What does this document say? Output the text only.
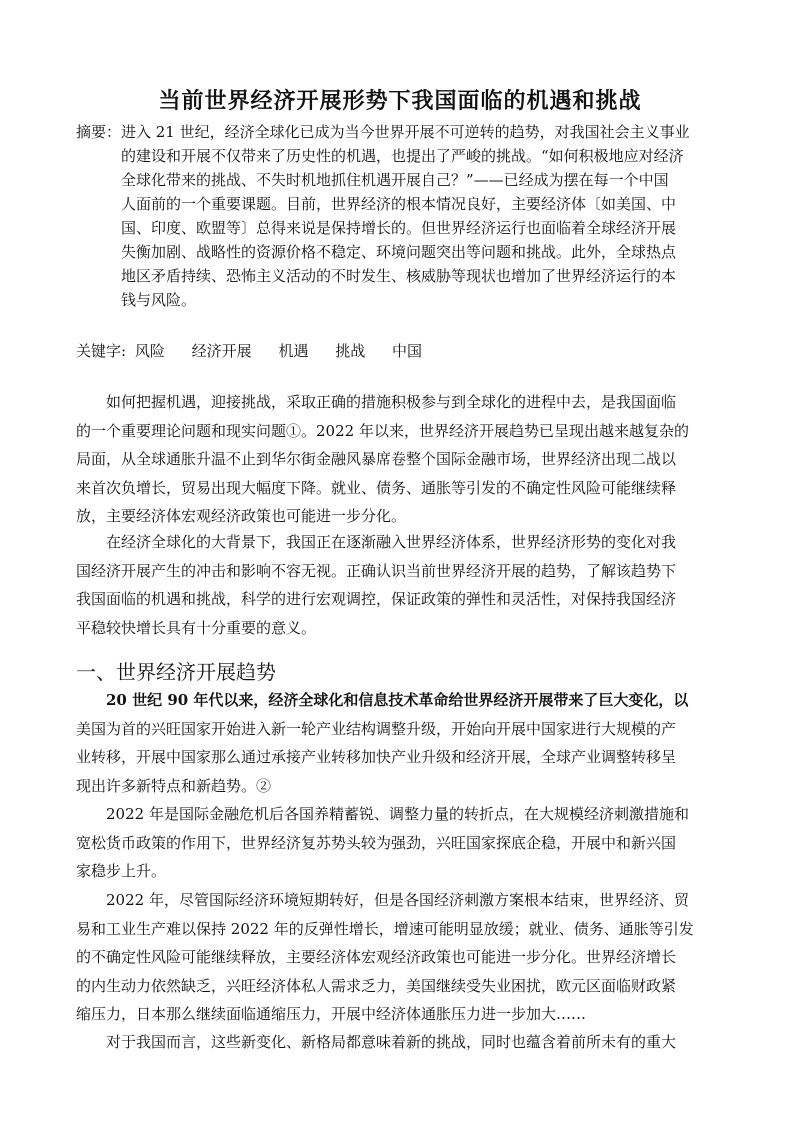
当前世界经济开展形势下我国面临的机遇和挑战
摘要：进入 21 世纪，经济全球化已成为当今世界开展不可逆转的趋势，对我国社会主义事业
的建设和开展不仅带来了历史性的机遇，也提出了严峻的挑战。“如何积极地应对经济
全球化带来的挑战、不失时机地抓住机遇开展自己？”——已经成为摆在每一个中国
人面前的一个重要课题。目前，世界经济的根本情况良好，主要经济体〔如美国、中
国、印度、欧盟等〕总得来说是保持增长的。但世界经济运行也面临着全球经济开展
失衡加剧、战略性的资源价格不稳定、环境问题突出等问题和挑战。此外，全球热点
地区矛盾持续、恐怖主义活动的不时发生、核威胁等现状也增加了世界经济运行的本
钱与风险。
关键字: 风险 经济开展 机遇 挑战 中国
如何把握机遇，迎接挑战，采取正确的措施积极参与到全球化的进程中去，是我国面临
的一个重要理论问题和现实问题①。2022 年以来，世界经济开展趋势已呈现出越来越复杂的
局面，从全球通胀升温不止到华尔街金融风暴席卷整个国际金融市场，世界经济出现二战以
来首次负增长，贸易出现大幅度下降。就业、债务、通胀等引发的不确定性风险可能继续释
放，主要经济体宏观经济政策也可能进一步分化。
在经济全球化的大背景下，我国正在逐渐融入世界经济体系，世界经济形势的变化对我
国经济开展产生的冲击和影响不容无视。正确认识当前世界经济开展的趋势，了解该趋势下
我国面临的机遇和挑战，科学的进行宏观调控，保证政策的弹性和灵活性，对保持我国经济
平稳较快增长具有十分重要的意义。
一、世界经济开展趋势
20 世纪 90 年代以来，经济全球化和信息技术革命给世界经济开展带来了巨大变化，以
美国为首的兴旺国家开始进入新一轮产业结构调整升级，开始向开展中国家进行大规模的产
业转移，开展中国家那么通过承接产业转移加快产业升级和经济开展，全球产业调整转移呈
现出许多新特点和新趋势。②
2022 年是国际金融危机后各国养精蓄锐、调整力量的转折点，在大规模经济刺激措施和
宽松货币政策的作用下，世界经济复苏势头较为强劲，兴旺国家探底企稳，开展中和新兴国
家稳步上升。
2022 年，尽管国际经济环境短期转好，但是各国经济刺激方案根本结束，世界经济、贸
易和工业生产难以保持 2022 年的反弹性增长，增速可能明显放缓；就业、债务、通胀等引发
的不确定性风险可能继续释放，主要经济体宏观经济政策也可能进一步分化。世界经济增长
的内生动力依然缺乏，兴旺经济体私人需求乏力，美国继续受失业困扰，欧元区面临财政紧
缩压力，日本那么继续面临通缩压力，开展中经济体通胀压力进一步加大……
对于我国而言，这些新变化、新格局都意味着新的挑战，同时也蕴含着前所未有的重大
